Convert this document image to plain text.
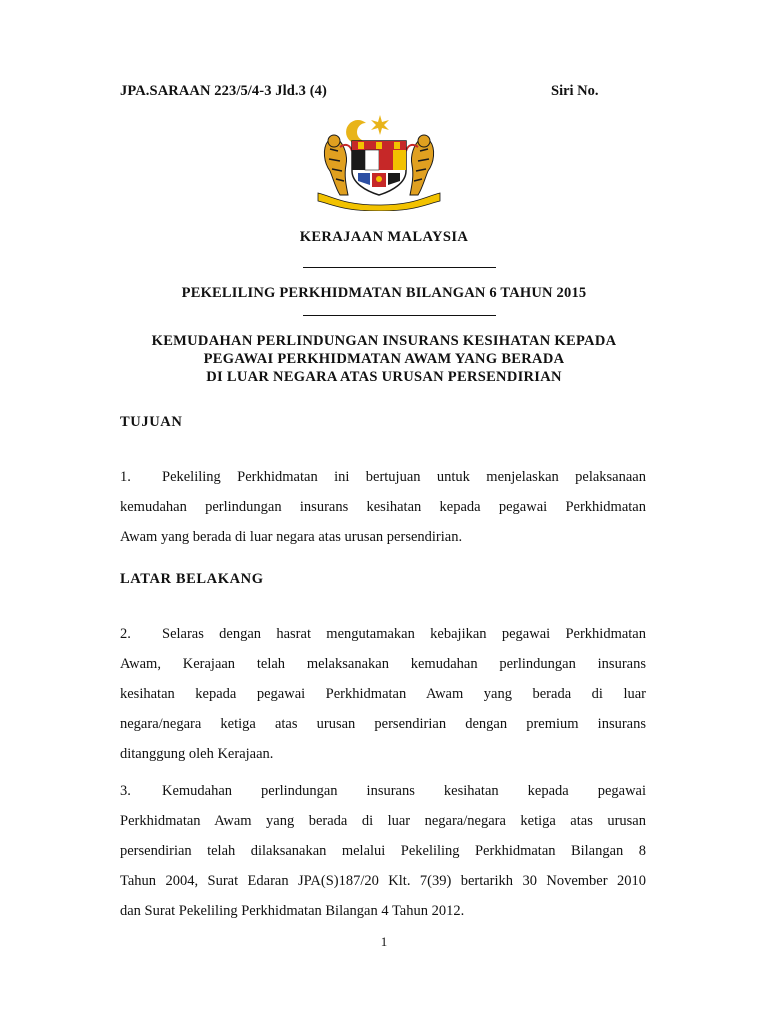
JPA.SARAAN 223/5/4-3 Jld.3 (4)	Siri No.
KERAJAAN MALAYSIA
PEKELILING PERKHIDMATAN BILANGAN 6 TAHUN 2015
KEMUDAHAN PERLINDUNGAN INSURANS KESIHATAN KEPADA
PEGAWAI PERKHIDMATAN AWAM YANG BERADA
DI LUAR NEGARA ATAS URUSAN PERSENDIRIAN
TUJUAN
1. Pekeliling Perkhidmatan ini bertujuan untuk menjelaskan pelaksanaan
kemudahan perlindungan insurans kesihatan kepada pegawai Perkhidmatan
Awam yang berada di luar negara atas urusan persendirian.
LATAR BELAKANG
2. Selaras dengan hasrat mengutamakan kebajikan pegawai Perkhidmatan
Awam, Kerajaan telah melaksanakan kemudahan perlindungan insurans
kesihatan kepada pegawai Perkhidmatan Awam yang berada di luar
negara/negara ketiga atas urusan persendirian dengan premium insurans
ditanggung oleh Kerajaan.
3. Kemudahan perlindungan insurans kesihatan kepada pegawai
Perkhidmatan Awam yang berada di luar negara/negara ketiga atas urusan
persendirian telah dilaksanakan melalui Pekeliling Perkhidmatan Bilangan 8
Tahun 2004, Surat Edaran JPA(S)187/20 Klt. 7(39) bertarikh 30 November 2010
dan Surat Pekeliling Perkhidmatan Bilangan 4 Tahun 2012.
1
